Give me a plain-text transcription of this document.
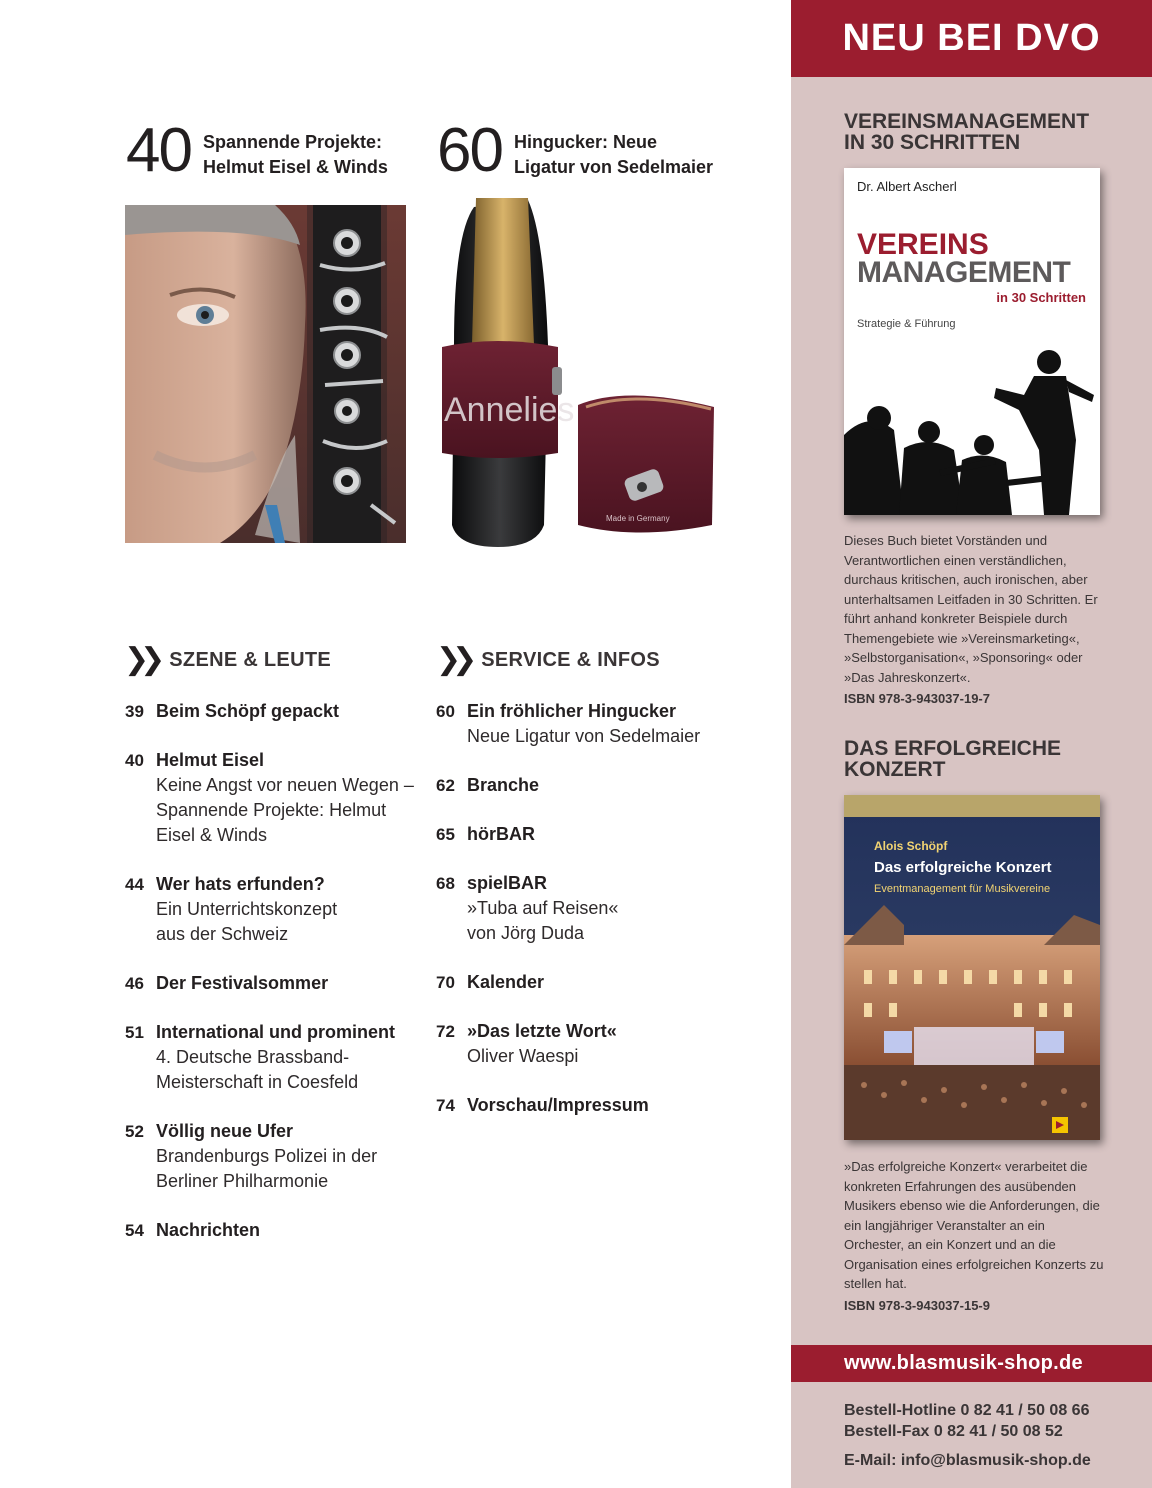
40 Spannende Projekte:
Helmut Eisel & Winds 60 Hingucker: Neue
Ligatur von Sedelmaier
Annelies
Made in Germany
❯❯ SZENE & LEUTE	❯❯ SERVICE & INFOS
39 Beim Schöpf gepackt
40 Helmut Eisel
Keine Angst vor neuen Wegen – Spannende Projekte: Helmut Eisel & Winds
44 Wer hats erfunden?
Ein Unterrichtskonzept aus der Schweiz
46 Der Festivalsommer
51 International und prominent
4. Deutsche Brassband-Meisterschaft in Coesfeld
52 Völlig neue Ufer
Brandenburgs Polizei in der Berliner Philharmonie
54 Nachrichten
60 Ein fröhlicher Hingucker
Neue Ligatur von Sedelmaier
62 Branche
65 hörBAR
68 spielBAR
»Tuba auf Reisen« von Jörg Duda
70 Kalender
72 »Das letzte Wort«
Oliver Waespi
74 Vorschau/Impressum
NEU BEI DVO
VEREINSMANAGEMENT
IN 30 SCHRITTEN
Dr. Albert Ascherl
VEREINS
MANAGEMENT
in 30 Schritten
Strategie & Führung
Dieses Buch bietet Vorständen und Verantwortlichen einen verständlichen, durchaus kritischen, auch ironischen, aber unterhaltsamen Leitfaden in 30 Schritten. Er führt anhand konkreter Beispiele durch Themengebiete wie »Vereinsmarketing«, »Selbstorganisation«, »Sponsoring« oder »Das Jahreskonzert«.
ISBN 978-3-943037-19-7
DAS ERFOLGREICHE
KONZERT
Alois Schöpf
Das erfolgreiche Konzert
Eventmanagement für Musikvereine
»Das erfolgreiche Konzert« verarbeitet die konkreten Erfahrungen des ausübenden Musikers ebenso wie die Anforderungen, die ein langjähriger Veranstalter an ein Orchester, an ein Konzert und an die Organisation eines erfolgreichen Konzerts zu stellen hat.
ISBN 978-3-943037-15-9
www.blasmusik-shop.de
Bestell-Hotline 0 82 41 / 50 08 66
Bestell-Fax 0 82 41 / 50 08 52
E-Mail: info@blasmusik-shop.de
